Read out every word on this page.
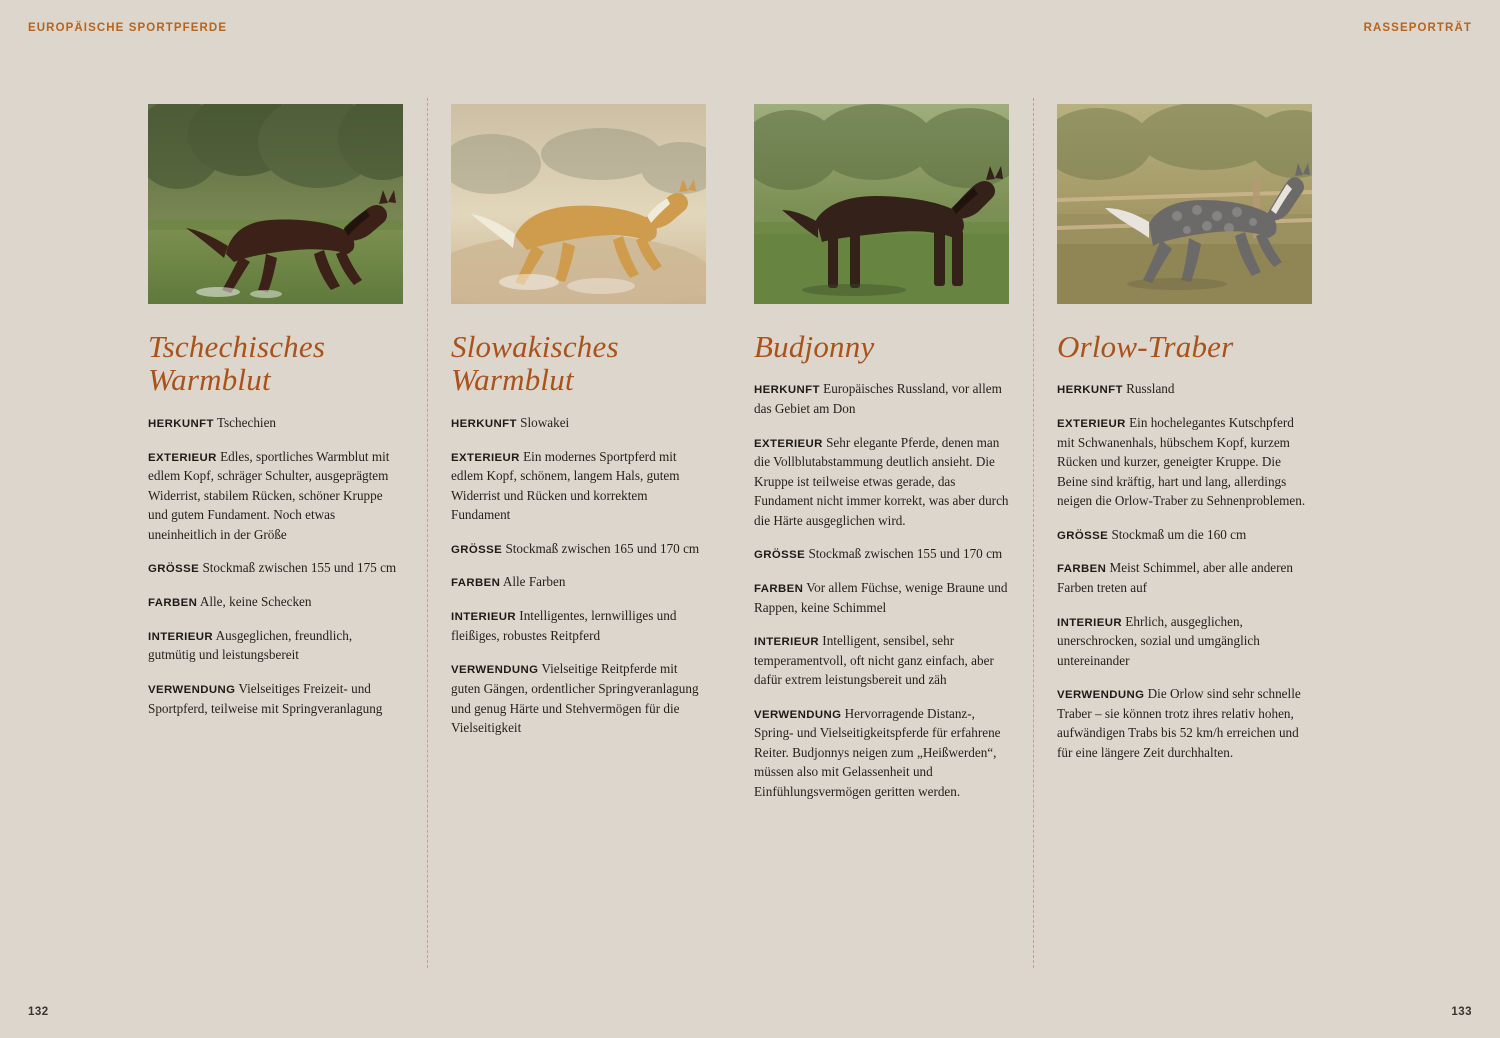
EUROPÄISCHE SPORTPFERDE	RASSEPORTRÄT
Tschechisches Warmblut

HERKUNFT Tschechien

EXTERIEUR Edles, sportliches Warmblut mit edlem Kopf, schräger Schulter, ausgeprägtem Widerrist, stabilem Rücken, schöner Kruppe und gutem Fundament. Noch etwas uneinheitlich in der Größe

GRÖSSE Stockmaß zwischen 155 und 175 cm

FARBEN Alle, keine Schecken

INTERIEUR Ausgeglichen, freundlich, gutmütig und leistungsbereit

VERWENDUNG Vielseitiges Freizeit- und Sportpferd, teilweise mit Springveranlagung

Slowakisches Warmblut

HERKUNFT Slowakei

EXTERIEUR Ein modernes Sportpferd mit edlem Kopf, schönem, langem Hals, gutem Widerrist und Rücken und korrektem Fundament

GRÖSSE Stockmaß zwischen 165 und 170 cm

FARBEN Alle Farben

INTERIEUR Intelligentes, lernwilliges und fleißiges, robustes Reitpferd

VERWENDUNG Vielseitige Reitpferde mit guten Gängen, ordentlicher Springveranlagung und genug Härte und Stehvermögen für die Vielseitigkeit

Budjonny

HERKUNFT Europäisches Russland, vor allem das Gebiet am Don

EXTERIEUR Sehr elegante Pferde, denen man die Vollblutabstammung deutlich ansieht. Die Kruppe ist teilweise etwas gerade, das Fundament nicht immer korrekt, was aber durch die Härte ausgeglichen wird.

GRÖSSE Stockmaß zwischen 155 und 170 cm

FARBEN Vor allem Füchse, wenige Braune und Rappen, keine Schimmel

INTERIEUR Intelligent, sensibel, sehr temperamentvoll, oft nicht ganz einfach, aber dafür extrem leistungsbereit und zäh

VERWENDUNG Hervorragende Distanz-, Spring- und Vielseitigkeitspferde für erfahrene Reiter. Budjonnys neigen zum „Heißwerden“, müssen also mit Gelassenheit und Einfühlungsvermögen geritten werden.

Orlow-Traber

HERKUNFT Russland

EXTERIEUR Ein hochelegantes Kutschpferd mit Schwanenhals, hübschem Kopf, kurzem Rücken und kurzer, geneigter Kruppe. Die Beine sind kräftig, hart und lang, allerdings neigen die Orlow-Traber zu Sehnenproblemen.

GRÖSSE Stockmaß um die 160 cm

FARBEN Meist Schimmel, aber alle anderen Farben treten auf

INTERIEUR Ehrlich, ausgeglichen, unerschrocken, sozial und umgänglich untereinander

VERWENDUNG Die Orlow sind sehr schnelle Traber – sie können trotz ihres relativ hohen, aufwändigen Trabs bis 52 km/h erreichen und für eine längere Zeit durchhalten.

132	133
